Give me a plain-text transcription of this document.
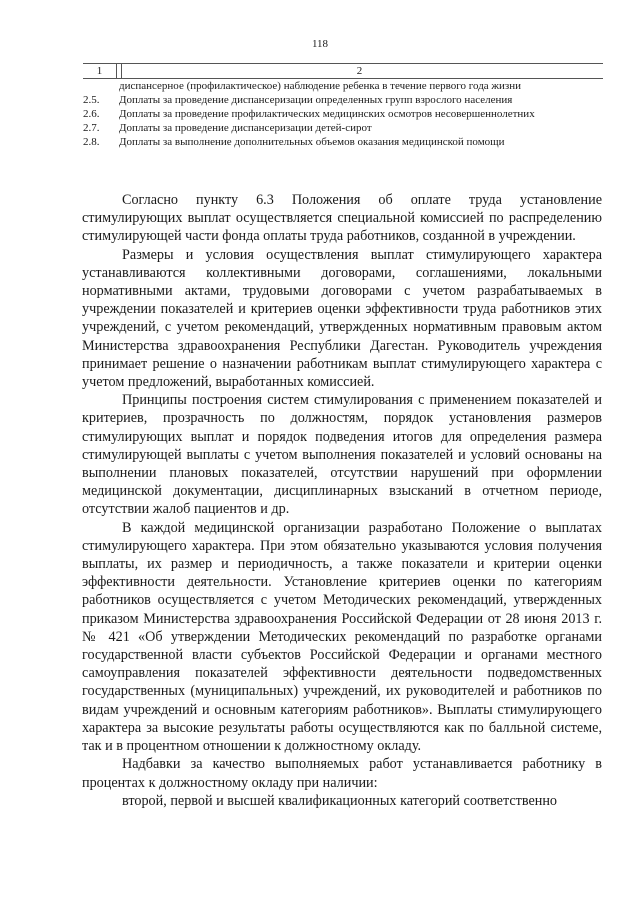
118
1	2
диспансерное (профилактическое) наблюдение ребенка в течение первого года жизни
2.5.	Доплаты за проведение диспансеризации определенных групп взрослого населения
2.6.	Доплаты за проведение профилактических медицинских осмотров несовершеннолетних
2.7.	Доплаты за проведение диспансеризации детей-сирот
2.8.	Доплаты за выполнение дополнительных объемов оказания медицинской помощи

Согласно пункту 6.3 Положения об оплате труда установление стимулирующих выплат осуществляется специальной комиссией по распределению стимулирующей части фонда оплаты труда работников, созданной в учреждении.

Размеры и условия осуществления выплат стимулирующего характера устанавливаются коллективными договорами, соглашениями, локальными нормативными актами, трудовыми договорами с учетом разрабатываемых в учреждении показателей и критериев оценки эффективности труда работников этих учреждений, с учетом рекомендаций, утвержденных нормативным правовым актом Министерства здравоохранения Республики Дагестан. Руководитель учреждения принимает решение о назначении работникам выплат стимулирующего характера с учетом предложений, выработанных комиссией.

Принципы построения систем стимулирования с применением показателей и критериев, прозрачность по должностям, порядок установления размеров стимулирующих выплат и порядок подведения итогов для определения размера стимулирующей выплаты с учетом выполнения показателей и условий основаны на выполнении плановых показателей, отсутствии нарушений при оформлении медицинской документации, дисциплинарных взысканий в отчетном периоде, отсутствии жалоб пациентов и др.

В каждой медицинской организации разработано Положение о выплатах стимулирующего характера. При этом обязательно указываются условия получения выплаты, их размер и периодичность, а также показатели и критерии оценки эффективности деятельности. Установление критериев оценки по категориям работников осуществляется с учетом Методических рекомендаций, утвержденных приказом Министерства здравоохранения Российской Федерации от 28 июня 2013 г. № 421 «Об утверждении Методических рекомендаций по разработке органами государственной власти субъектов Российской Федерации и органами местного самоуправления показателей эффективности деятельности подведомственных государственных (муниципальных) учреждений, их руководителей и работников по видам учреждений и основным категориям работников». Выплаты стимулирующего характера за высокие результаты работы осуществляются как по балльной системе, так и в процентном отношении к должностному окладу.

Надбавки за качество выполняемых работ устанавливается работнику в процентах к должностному окладу при наличии:

второй, первой и высшей квалификационных категорий соответственно
